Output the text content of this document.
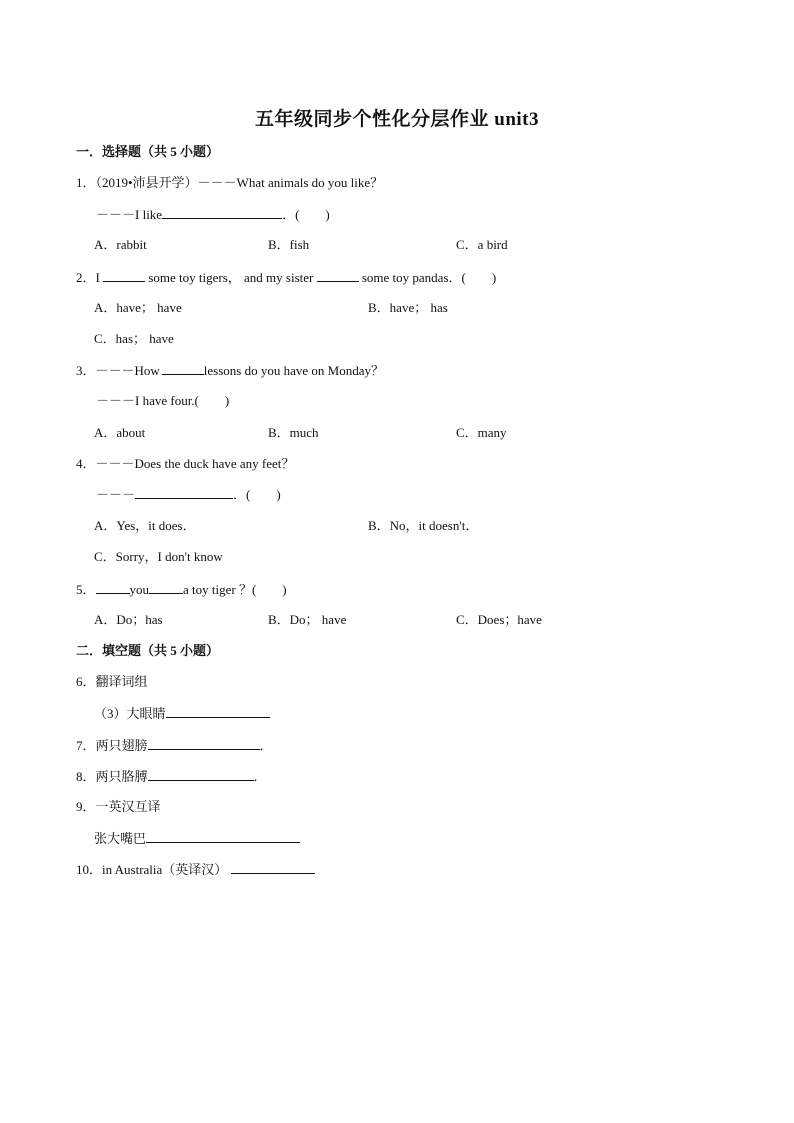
五年级同步个性化分层作业 unit3
一．选择题（共 5 小题）
1．（2019•沛县开学）－－－What animals do you like？
－－－I like	．(　　)
A．rabbit	B．fish	C．a bird
2．I	some toy tigers， and my sister	some toy pandas．(　　)
A．have； have	B．have； has
C．has； have
3．－－－How	lessons do you have on Monday？
－－－I have four.(　　)
A．about	B．much	C．many
4．－－－Does the duck have any feet？
－－－	．(　　)
A．Yes，it does．	B．No，it doesn't．
C．Sorry，I don't know
5．	you	a toy tiger ？(　　)
A．Do；has	B．Do； have	C．Does；have
二．填空题（共 5 小题）
6．翻译词组
（3）大眼睛
7．两只翅膀	．
8．两只胳膊	．
9．一英汉互译
张大嘴巴
10．in Australia（英译汉）
